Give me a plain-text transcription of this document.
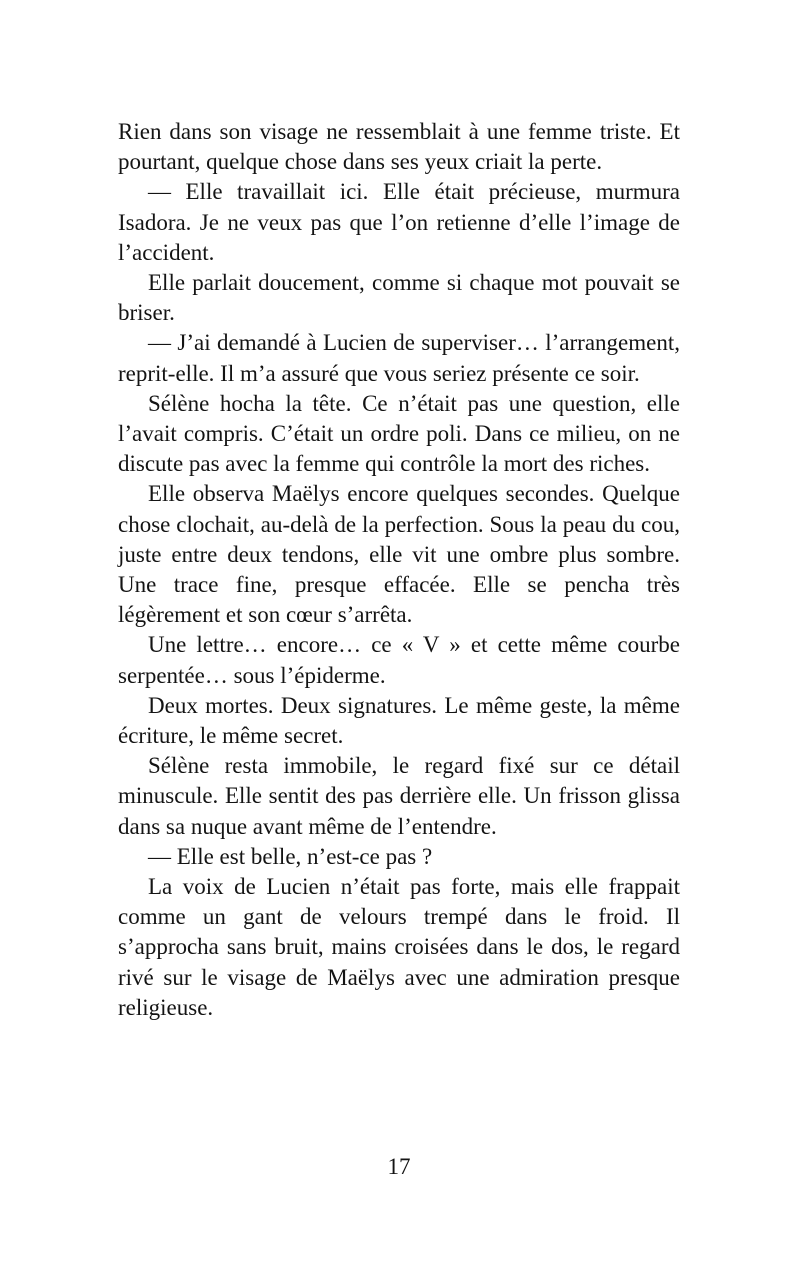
Rien dans son visage ne ressemblait à une femme triste. Et pourtant, quelque chose dans ses yeux criait la perte.

— Elle travaillait ici. Elle était précieuse, murmura Isadora. Je ne veux pas que l’on retienne d’elle l’image de l’accident.

Elle parlait doucement, comme si chaque mot pouvait se briser.

— J’ai demandé à Lucien de superviser… l’arrangement, reprit-elle. Il m’a assuré que vous seriez présente ce soir.

Sélène hocha la tête. Ce n’était pas une question, elle l’avait compris. C’était un ordre poli. Dans ce milieu, on ne discute pas avec la femme qui contrôle la mort des riches.

Elle observa Maëlys encore quelques secondes. Quelque chose clochait, au-delà de la perfection. Sous la peau du cou, juste entre deux tendons, elle vit une ombre plus sombre. Une trace fine, presque effacée. Elle se pencha très légèrement et son cœur s’arrêta.

Une lettre… encore… ce « V » et cette même courbe serpentée… sous l’épiderme.

Deux mortes. Deux signatures. Le même geste, la même écriture, le même secret.

Sélène resta immobile, le regard fixé sur ce détail minuscule. Elle sentit des pas derrière elle. Un frisson glissa dans sa nuque avant même de l’entendre.

— Elle est belle, n’est-ce pas ?

La voix de Lucien n’était pas forte, mais elle frappait comme un gant de velours trempé dans le froid. Il s’approcha sans bruit, mains croisées dans le dos, le regard rivé sur le visage de Maëlys avec une admiration presque religieuse.

17
